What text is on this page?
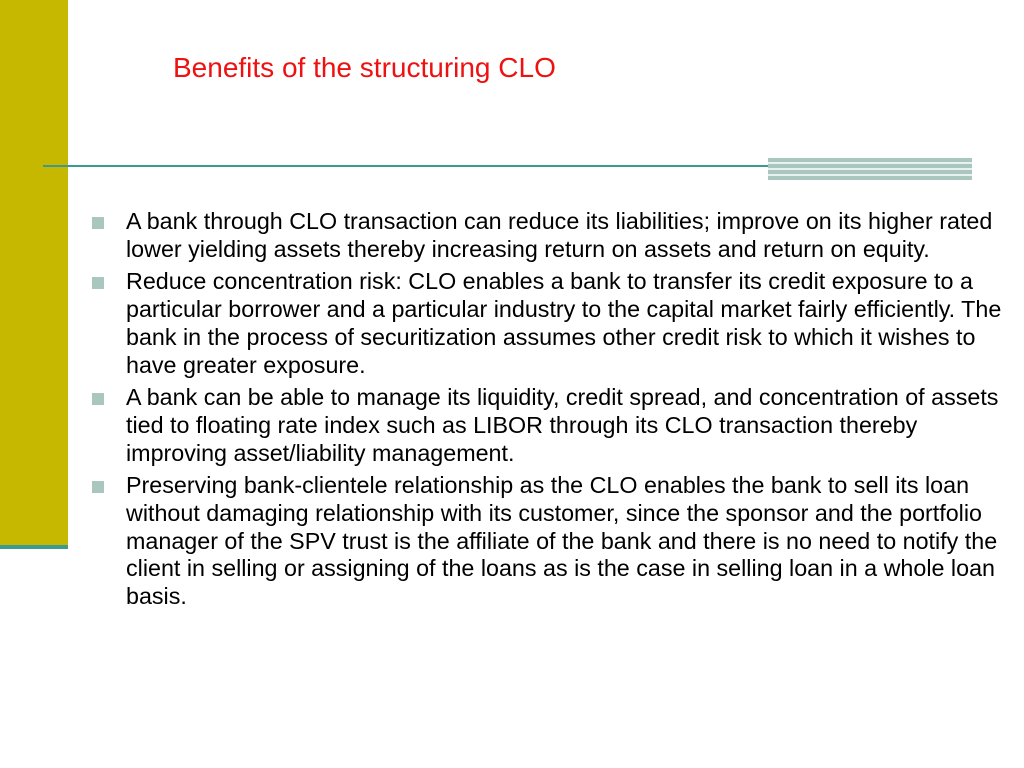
Benefits of the structuring CLO
A bank through CLO transaction can reduce its liabilities; improve on its higher rated lower yielding assets thereby increasing return on assets and return on equity.
Reduce concentration risk: CLO enables a bank to transfer its credit exposure to a particular borrower and a particular industry to the capital market fairly efficiently. The bank in the process of securitization assumes other credit risk to which it wishes to have greater exposure.
A bank can be able to manage its liquidity, credit spread, and concentration of assets tied to floating rate index such as LIBOR through its CLO transaction thereby improving asset/liability management.
Preserving bank-clientele relationship as the CLO enables the bank to sell its loan without damaging relationship with its customer, since the sponsor and the portfolio manager of the SPV trust is the affiliate of the bank and there is no need to notify the client in selling or assigning of the loans as is the case in selling loan in a whole loan basis.
